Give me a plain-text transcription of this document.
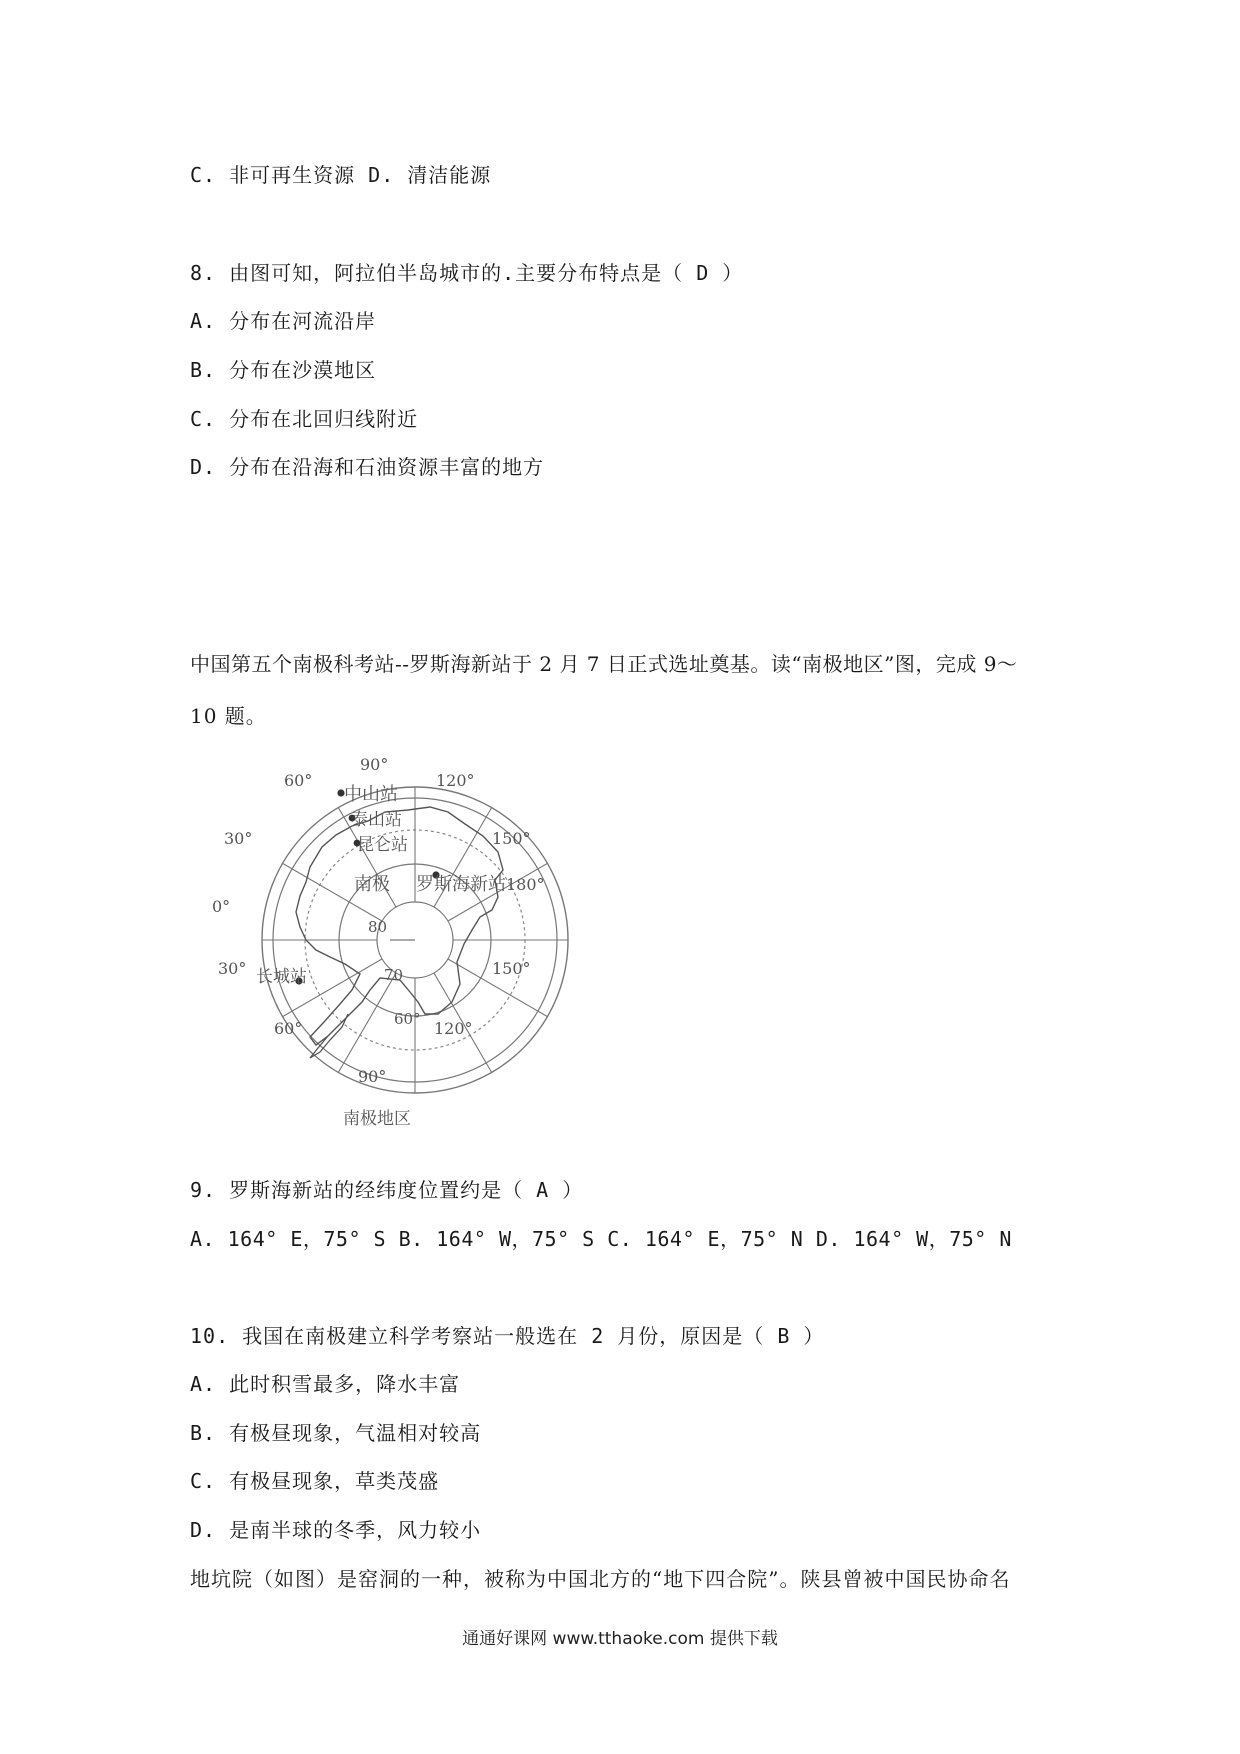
C. 非可再生资源 D. 清洁能源
8. 由图可知，阿拉伯半岛城市的.主要分布特点是（ D ）
A. 分布在河流沿岸
B. 分布在沙漠地区
C. 分布在北回归线附近
D. 分布在沿海和石油资源丰富的地方
中国第五个南极科考站--罗斯海新站于 2 月 7 日正式选址奠基。读“南极地区”图，完成 9～
10 题。
中山站
泰山站
昆仑站
南极 罗斯海新站
长城站
80
70
60°
90°
60°	120°
30°	150°
0°
180°
30°	150°
60°	120°
90°
南极地区
9. 罗斯海新站的经纬度位置约是（ A ）
A. 164° E，75° S B. 164° W，75° S C. 164° E，75° N D. 164° W，75° N
10. 我国在南极建立科学考察站一般选在 2 月份，原因是（ B ）
A. 此时积雪最多，降水丰富
B. 有极昼现象，气温相对较高
C. 有极昼现象，草类茂盛
D. 是南半球的冬季，风力较小
地坑院（如图）是窑洞的一种，被称为中国北方的“地下四合院”。陕县曾被中国民协命名
通通好课网 www.tthaoke.com 提供下载
